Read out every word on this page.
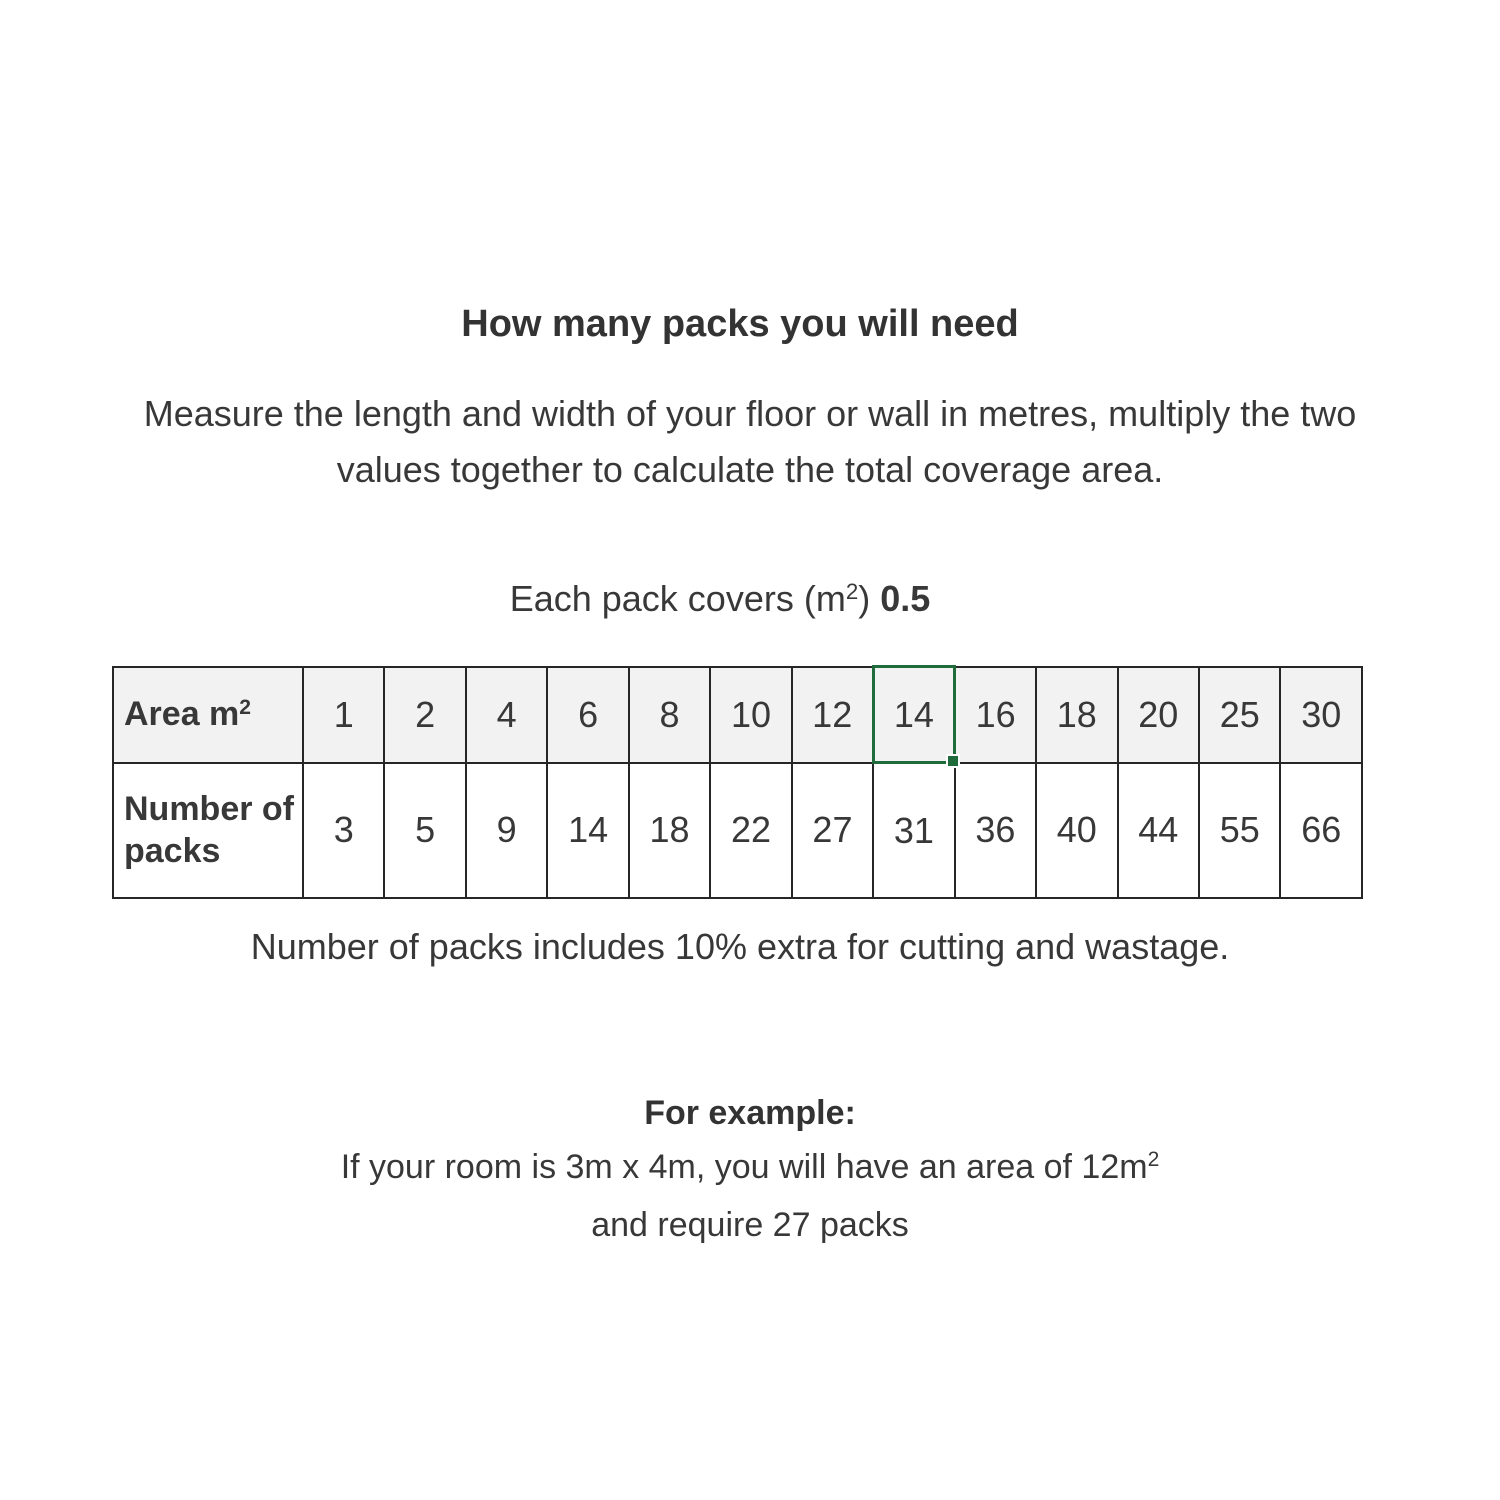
How many packs you will need
Measure the length and width of your floor or wall in metres, multiply the two values together to calculate the total coverage area.
Each pack covers $(m^2)$ 0.5
Area $m^2$	1	2	4	6	8	10	12	14	16	18	20	25	30
Number of packs	3	5	9	14	18	22	27	31	36	40	44	55	66
Number of packs includes 10% extra for cutting and wastage.
For example:
If your room is 3m x 4m, you will have an area of $12m^2$
and require 27 packs
